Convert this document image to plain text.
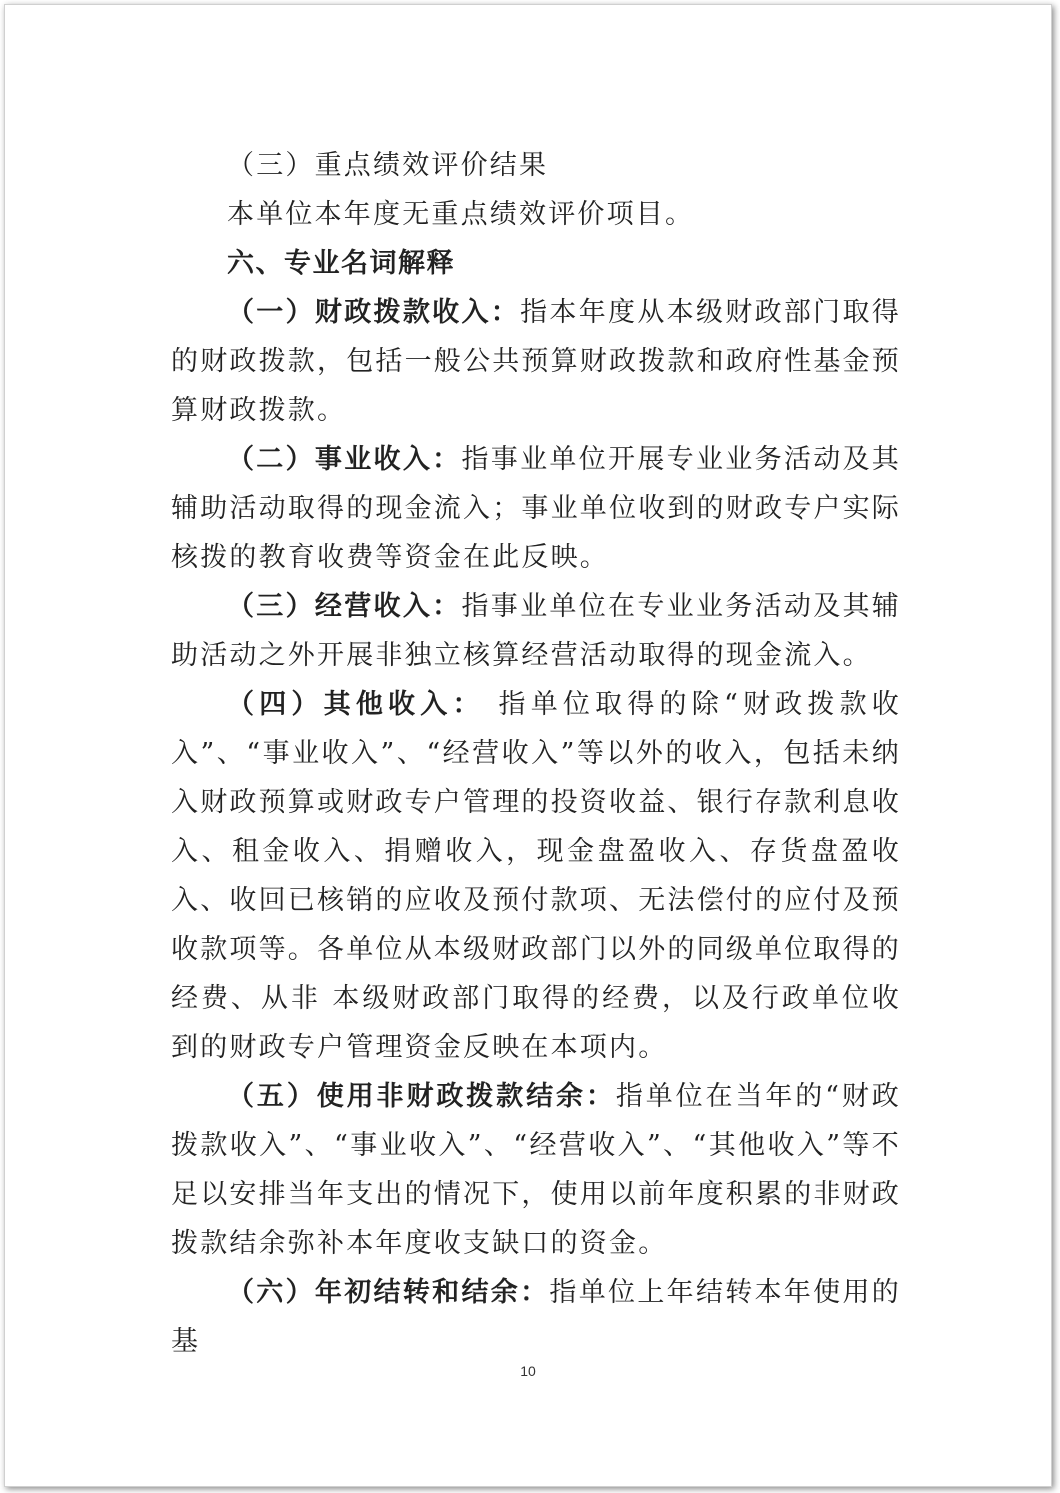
（三）重点绩效评价结果

本单位本年度无重点绩效评价项目。

六、专业名词解释

（一）财政拨款收入：指本年度从本级财政部门取得的财政拨款，包括一般公共预算财政拨款和政府性基金预算财政拨款。

（二）事业收入：指事业单位开展专业业务活动及其辅助活动取得的现金流入；事业单位收到的财政专户实际核拨的教育收费等资金在此反映。

（三）经营收入：指事业单位在专业业务活动及其辅助活动之外开展非独立核算经营活动取得的现金流入。

（四）其他收入： 指单位取得的除“财政拨款收入”、“事业收入”、“经营收入”等以外的收入，包括未纳入财政预算或财政专户管理的投资收益、银行存款利息收入、租金收入、捐赠收入，现金盘盈收入、存货盘盈收入、收回已核销的应收及预付款项、无法偿付的应付及预收款项等。各单位从本级财政部门以外的同级单位取得的经费、从非 本级财政部门取得的经费，以及行政单位收到的财政专户管理资金反映在本项内。

（五）使用非财政拨款结余：指单位在当年的“财政拨款收入”、“事业收入”、“经营收入”、“其他收入”等不足以安排当年支出的情况下，使用以前年度积累的非财政拨款结余弥补本年度收支缺口的资金。

（六）年初结转和结余：指单位上年结转本年使用的基

10
